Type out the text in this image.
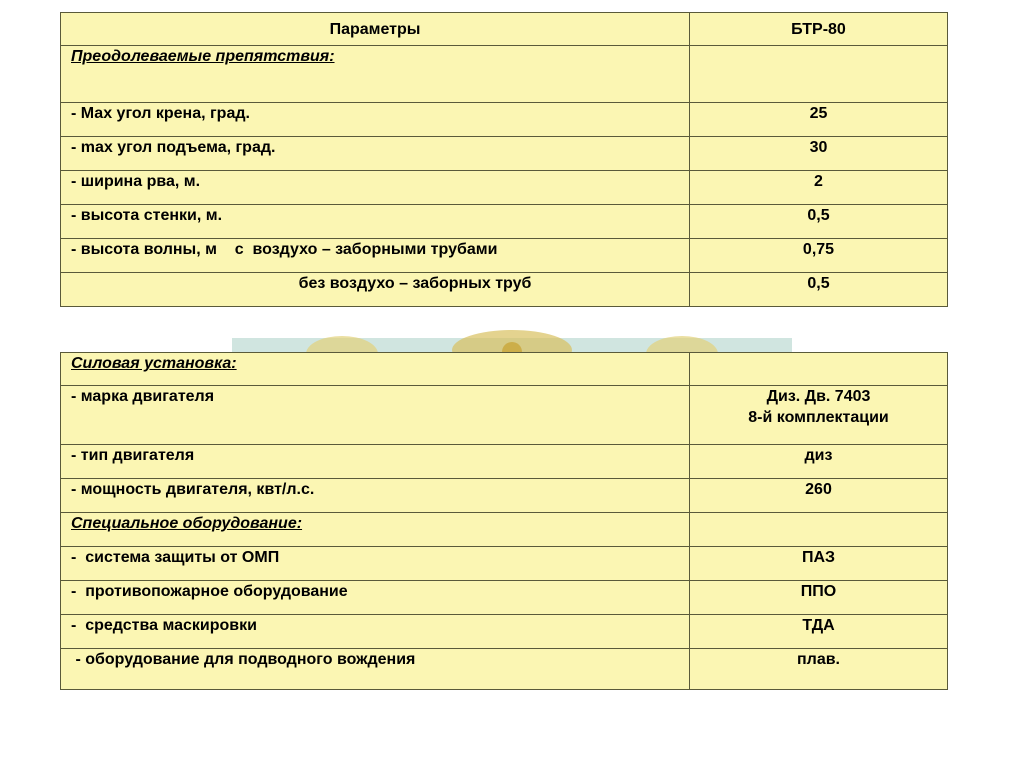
Параметры	БТР-80
Преодолеваемые препятствия:	
- Мах угол крена, град.	25
- max угол подъема, град.	30
- ширина рва, м.	2
- высота стенки, м.	0,5
- высота волны, м    с  воздухо – заборными трубами	0,75

без воздухо – заборных труб	0,5
Силовая установка:	
- марка двигателя	Диз. Дв. 7403
8-й комплектации

- тип двигателя	диз
- мощность двигателя, квт/л.с.	260
Специальное оборудование:	
-  система защиты от ОМП	ПАЗ
-  противопожарное оборудование	ППО
-  средства маскировки	ТДА
- оборудование для подводного вождения	плав.
